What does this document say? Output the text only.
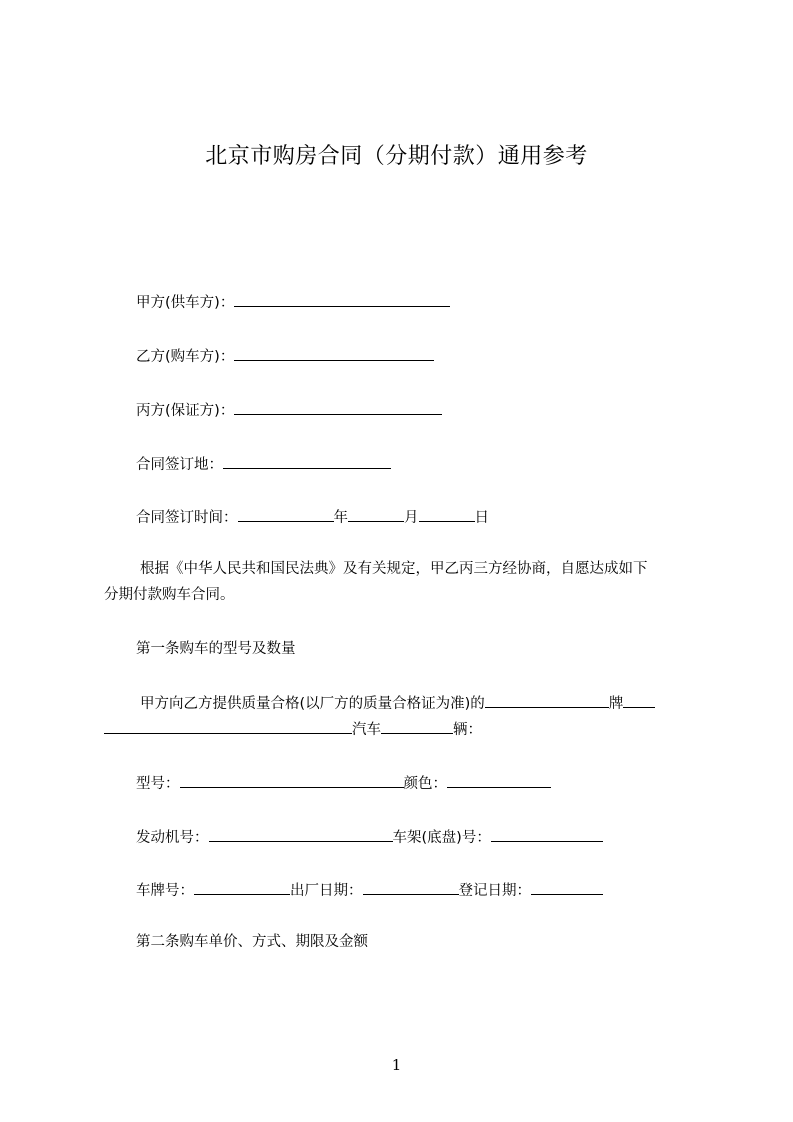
北京市购房合同（分期付款）通用参考
甲方(供车方)：
乙方(购车方)：
丙方(保证方)：
合同签订地：
合同签订时间：	年	月	日
根据《中华人民共和国民法典》及有关规定，甲乙丙三方经协商，自愿达成如下
分期付款购车合同。
第一条购车的型号及数量
甲方向乙方提供质量合格(以厂方的质量合格证为准)的	牌
汽车	辆：
型号：	颜色：
发动机号：	车架(底盘)号：
车牌号：	出厂日期：	登记日期：
第二条购车单价、方式、期限及金额
1
